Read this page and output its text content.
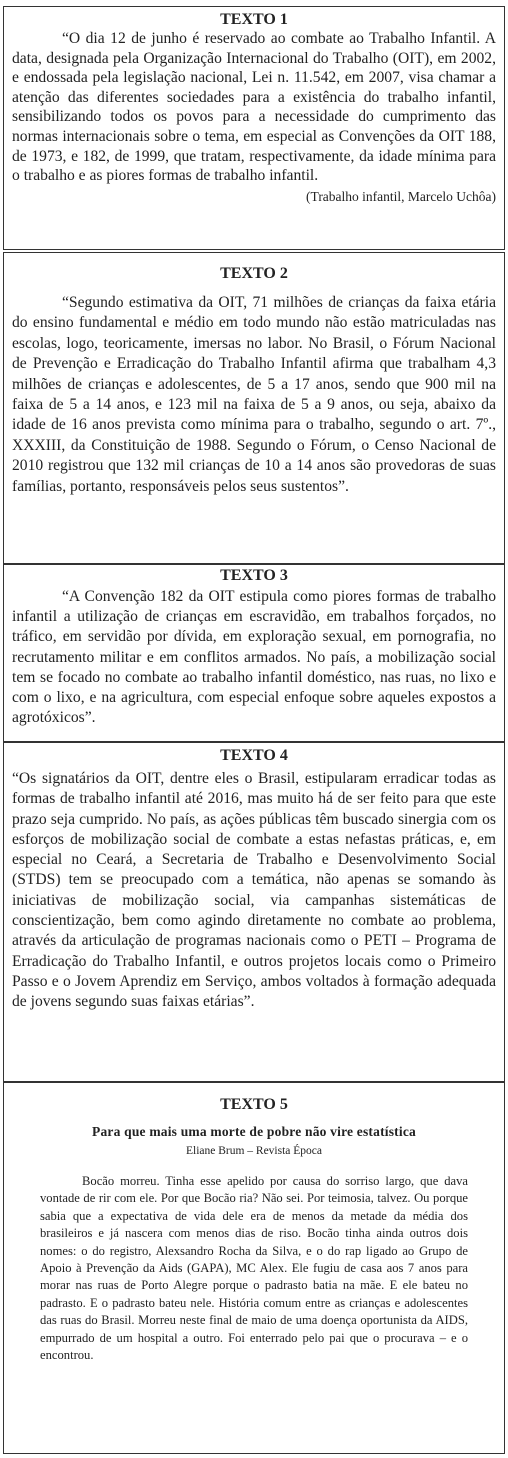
TEXTO 1

“O dia 12 de junho é reservado ao combate ao Trabalho Infantil. A data, designada pela Organização Internacional do Trabalho (OIT), em 2002, e endossada pela legislação nacional, Lei n. 11.542, em 2007, visa chamar a atenção das diferentes sociedades para a existência do trabalho infantil, sensibilizando todos os povos para a necessidade do cumprimento das normas internacionais sobre o tema, em especial as Convenções da OIT 188, de 1973, e 182, de 1999, que tratam, respectivamente, da idade mínima para o trabalho e as piores formas de trabalho infantil.

(Trabalho infantil, Marcelo Uchôa)

TEXTO 2

“Segundo estimativa da OIT, 71 milhões de crianças da faixa etária do ensino fundamental e médio em todo mundo não estão matriculadas nas escolas, logo, teoricamente, imersas no labor. No Brasil, o Fórum Nacional de Prevenção e Erradicação do Trabalho Infantil afirma que trabalham 4,3 milhões de crianças e adolescentes, de 5 a 17 anos, sendo que 900 mil na faixa de 5 a 14 anos, e 123 mil na faixa de 5 a 9 anos, ou seja, abaixo da idade de 16 anos prevista como mínima para o trabalho, segundo o art. 7º., XXXIII, da Constituição de 1988. Segundo o Fórum, o Censo Nacional de 2010 registrou que 132 mil crianças de 10 a 14 anos são provedoras de suas famílias, portanto, responsáveis pelos seus sustentos”.

TEXTO 3

“A Convenção 182 da OIT estipula como piores formas de trabalho infantil a utilização de crianças em escravidão, em trabalhos forçados, no tráfico, em servidão por dívida, em exploração sexual, em pornografia, no recrutamento militar e em conflitos armados. No país, a mobilização social tem se focado no combate ao trabalho infantil doméstico, nas ruas, no lixo e com o lixo, e na agricultura, com especial enfoque sobre aqueles expostos a agrotóxicos”.

TEXTO 4

“Os signatários da OIT, dentre eles o Brasil, estipularam erradicar todas as formas de trabalho infantil até 2016, mas muito há de ser feito para que este prazo seja cumprido. No país, as ações públicas têm buscado sinergia com os esforços de mobilização social de combate a estas nefastas práticas, e, em especial no Ceará, a Secretaria de Trabalho e Desenvolvimento Social (STDS) tem se preocupado com a temática, não apenas se somando às iniciativas de mobilização social, via campanhas sistemáticas de conscientização, bem como agindo diretamente no combate ao problema, através da articulação de programas nacionais como o PETI – Programa de Erradicação do Trabalho Infantil, e outros projetos locais como o Primeiro Passo e o Jovem Aprendiz em Serviço, ambos voltados à formação adequada de jovens segundo suas faixas etárias”.

TEXTO 5

Para que mais uma morte de pobre não vire estatística

Eliane Brum – Revista Época

Bocão morreu. Tinha esse apelido por causa do sorriso largo, que dava vontade de rir com ele. Por que Bocão ria? Não sei. Por teimosia, talvez. Ou porque sabia que a expectativa de vida dele era de menos da metade da média dos brasileiros e já nascera com menos dias de riso. Bocão tinha ainda outros dois nomes: o do registro, Alexsandro Rocha da Silva, e o do rap ligado ao Grupo de Apoio à Prevenção da Aids (GAPA), MC Alex. Ele fugiu de casa aos 7 anos para morar nas ruas de Porto Alegre porque o padrasto batia na mãe. E ele bateu no padrasto. E o padrasto bateu nele. História comum entre as crianças e adolescentes das ruas do Brasil. Morreu neste final de maio de uma doença oportunista da AIDS, empurrado de um hospital a outro. Foi enterrado pelo pai que o procurava – e o encontrou.
